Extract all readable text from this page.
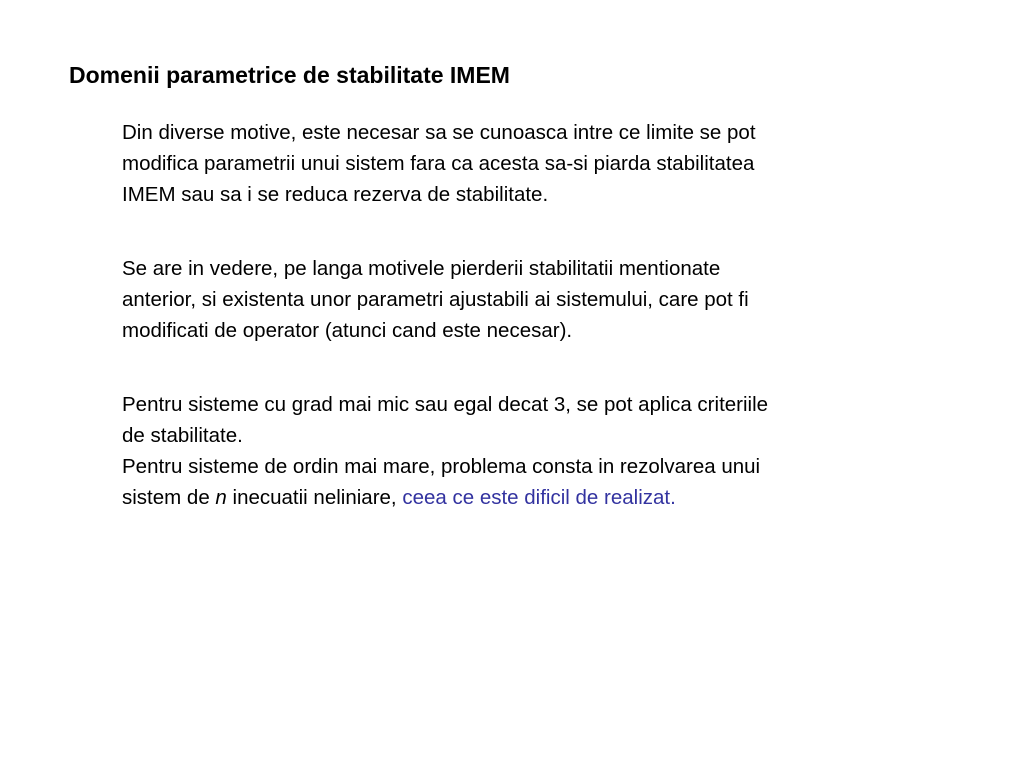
Domenii parametrice de stabilitate IMEM

Din diverse motive, este necesar sa se cunoasca intre ce limite se pot
modifica parametrii unui sistem fara ca acesta sa-si piarda stabilitatea
IMEM sau sa i se reduca rezerva de stabilitate.

Se are in vedere, pe langa motivele pierderii stabilitatii mentionate
anterior, si existenta unor parametri ajustabili ai sistemului, care pot fi
modificati de operator (atunci cand este necesar).

Pentru sisteme cu grad mai mic sau egal decat 3, se pot aplica criteriile
de stabilitate.

Pentru sisteme de ordin mai mare, problema consta in rezolvarea unui
sistem de n inecuatii neliniare, ceea ce este dificil de realizat.
